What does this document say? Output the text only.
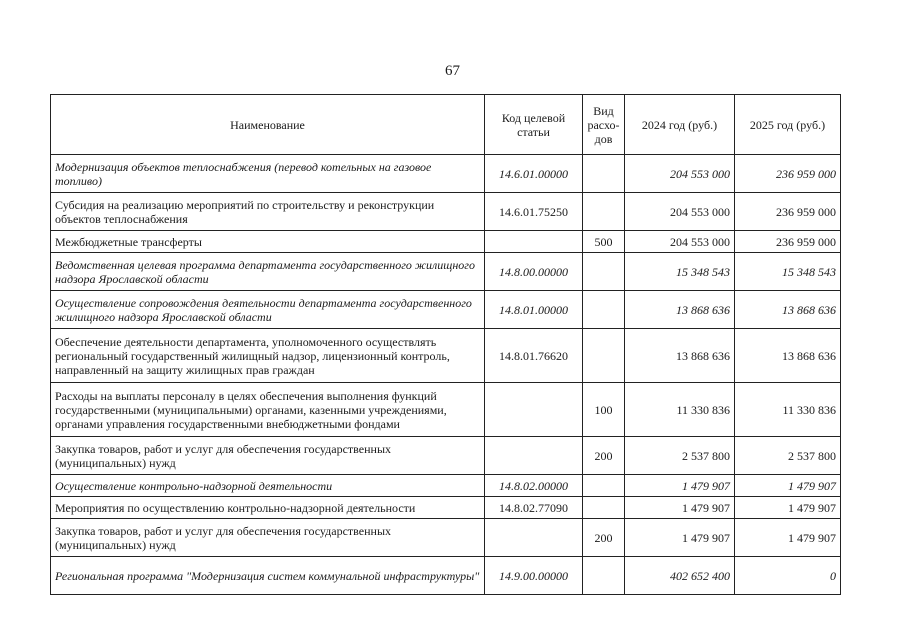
67
Наименование	Код целевой статьи	Вид расхо-дов	2024 год (руб.)	2025 год (руб.)
Модернизация объектов теплоснабжения (перевод котельных на газовое топливо)	14.6.01.00000		204 553 000	236 959 000
Субсидия на реализацию мероприятий по строительству и реконструкции объектов теплоснабжения	14.6.01.75250		204 553 000	236 959 000
Межбюджетные трансферты		500	204 553 000	236 959 000
Ведомственная целевая программа департамента государственного жилищного надзора Ярославской области	14.8.00.00000		15 348 543	15 348 543
Осуществление сопровождения деятельности департамента государственного жилищного надзора Ярославской области	14.8.01.00000		13 868 636	13 868 636
Обеспечение деятельности департамента, уполномоченного осуществлять региональный государственный жилищный надзор, лицензионный контроль, направленный на защиту жилищных прав граждан	14.8.01.76620		13 868 636	13 868 636
Расходы на выплаты персоналу в целях обеспечения выполнения функций государственными (муниципальными) органами, казенными учреждениями, органами управления государственными внебюджетными фондами		100	11 330 836	11 330 836
Закупка товаров, работ и услуг для обеспечения государственных (муниципальных) нужд		200	2 537 800	2 537 800
Осуществление контрольно-надзорной деятельности	14.8.02.00000		1 479 907	1 479 907
Мероприятия по осуществлению контрольно-надзорной деятельности	14.8.02.77090		1 479 907	1 479 907
Закупка товаров, работ и услуг для обеспечения государственных (муниципальных) нужд		200	1 479 907	1 479 907
Региональная программа "Модернизация систем коммунальной инфраструктуры"	14.9.00.00000		402 652 400	0
